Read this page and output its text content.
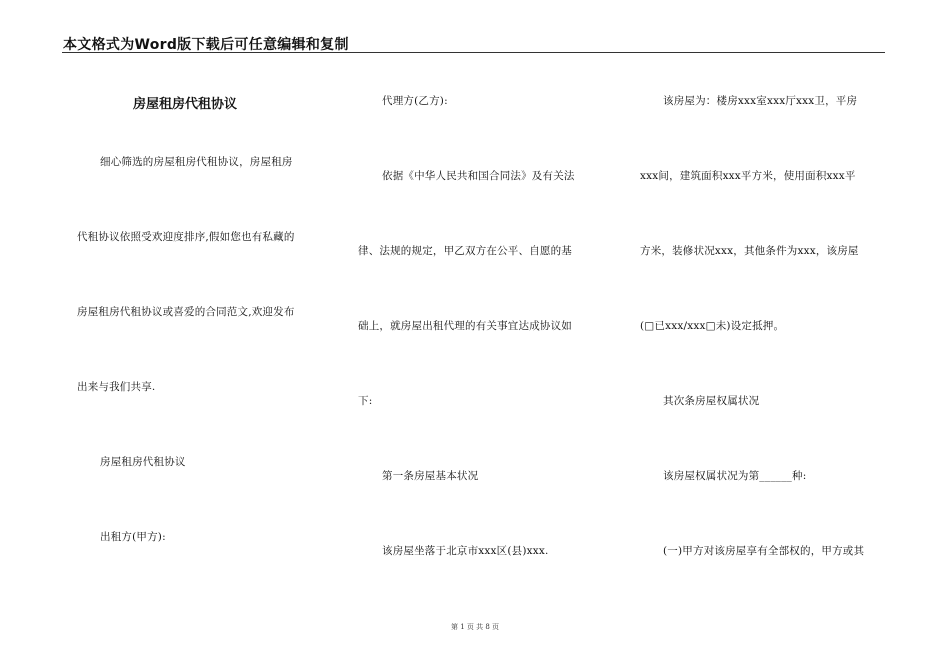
本文格式为Word版下载后可任意编辑和复制
房屋租房代租协议
细心筛选的房屋租房代租协议，房屋租房
代租协议依照受欢迎度排序,假如您也有私藏的
房屋租房代租协议或喜爱的合同范文,欢迎发布
出来与我们共享.
房屋租房代租协议
出租方(甲方):
代理方(乙方):
依据《中华人民共和国合同法》及有关法
律、法规的规定，甲乙双方在公平、自愿的基
础上，就房屋出租代理的有关事宜达成协议如
下:
第一条房屋基本状况
该房屋坐落于北京市xxx区(县)xxx.
该房屋为：楼房xxx室xxx厅xxx卫，平房
xxx间，建筑面积xxx平方米，使用面积xxx平
方米，装修状况xxx，其他条件为xxx，该房屋
(□已xxx/xxx□未)设定抵押。
其次条房屋权属状况
该房屋权属状况为第______种:
(一)甲方对该房屋享有全部权的，甲方或其
第 1 页 共 8 页
